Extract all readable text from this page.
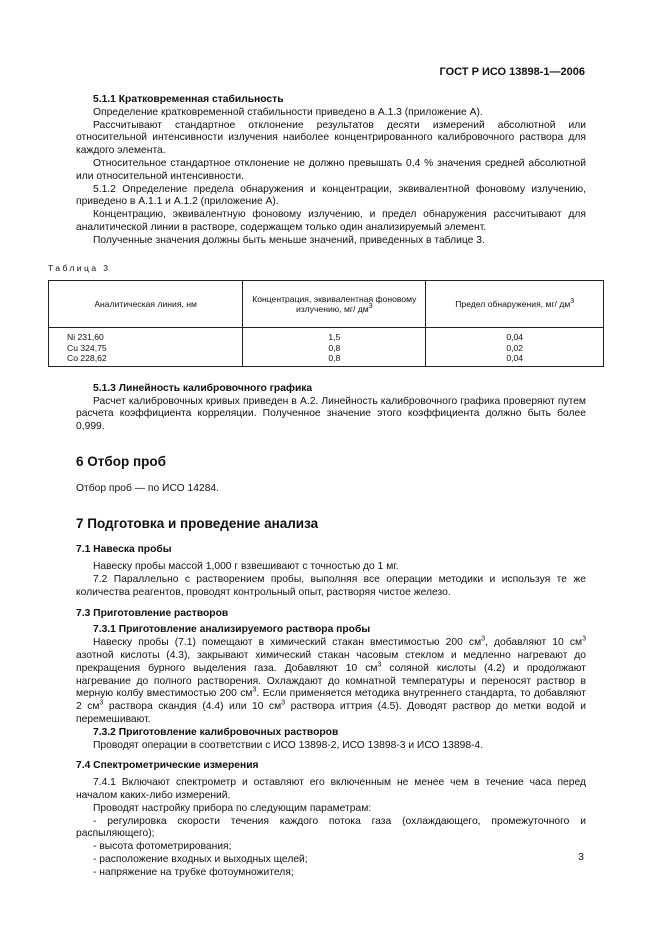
ГОСТ Р ИСО 13898-1—2006

5.1.1 Кратковременная стабильность

Определение кратковременной стабильности приведено в А.1.3 (приложение А).

Рассчитывают стандартное отклонение результатов десяти измерений абсолютной или относительной интенсивности излучения наиболее концентрированного калибровочного раствора для каждого элемента.

Относительное стандартное отклонение не должно превышать 0,4 % значения средней абсолютной или относительной интенсивности.

5.1.2 Определение предела обнаружения и концентрации, эквивалентной фоновому излучению, приведено в А.1.1 и А.1.2 (приложение А).

Концентрацию, эквивалентную фоновому излучению, и предел обнаружения рассчитывают для аналитической линии в растворе, содержащем только один анализируемый элемент.

Полученные значения должны быть меньше значений, приведенных в таблице 3.

Таблица 3

Аналитическая линия, нм	Концентрация, эквивалентная фоновому
излучению, мг/ $дм^3$	Предел обнаружения, мг/ $дм^3$
Ni 231,60	1,5	0,04
Cu 324,75	0,8	0,02
Co 228,62	0,8	0,04

5.1.3 Линейность калибровочного графика

Расчет калибровочных кривых приведен в А.2. Линейность калибровочного графика проверяют путем расчета коэффициента корреляции. Полученное значение этого коэффициента должно быть более 0,999.

6 Отбор проб

Отбор проб — по ИСО 14284.

7 Подготовка и проведение анализа

7.1 Навеска пробы

Навеску пробы массой 1,000 г взвешивают с точностью до 1 мг.

7.2 Параллельно с растворением пробы, выполняя все операции методики и используя те же количества реагентов, проводят контрольный опыт, растворяя чистое железо.

7.3 Приготовление растворов

7.3.1 Приготовление анализируемого раствора пробы

Навеску пробы (7.1) помещают в химический стакан вместимостью 200 $см^3$, добавляют 10 $см^3$ азотной кислоты (4.3), закрывают химический стакан часовым стеклом и медленно нагревают до прекращения бурного выделения газа. Добавляют 10 $см^3$ соляной кислоты (4.2) и продолжают нагревание до полного растворения. Охлаждают до комнатной температуры и переносят раствор в мерную колбу вместимостью 200 $см^3$. Если применяется методика внутреннего стандарта, то добавляют 2 $см^3$ раствора скандия (4.4) или 10 $см^3$ раствора иттрия (4.5). Доводят раствор до метки водой и перемешивают.

7.3.2 Приготовление калибровочных растворов

Проводят операции в соответствии с ИСО 13898-2, ИСО 13898-3 и ИСО 13898-4.

7.4 Спектрометрические измерения

7.4.1 Включают спектрометр и оставляют его включенным не менее чем в течение часа перед началом каких-либо измерений.

Проводят настройку прибора по следующим параметрам:

- регулировка скорости течения каждого потока газа (охлаждающего, промежуточного и распыляющего);

- высота фотометрирования;

- расположение входных и выходных щелей;

- напряжение на трубке фотоумножителя;

3
